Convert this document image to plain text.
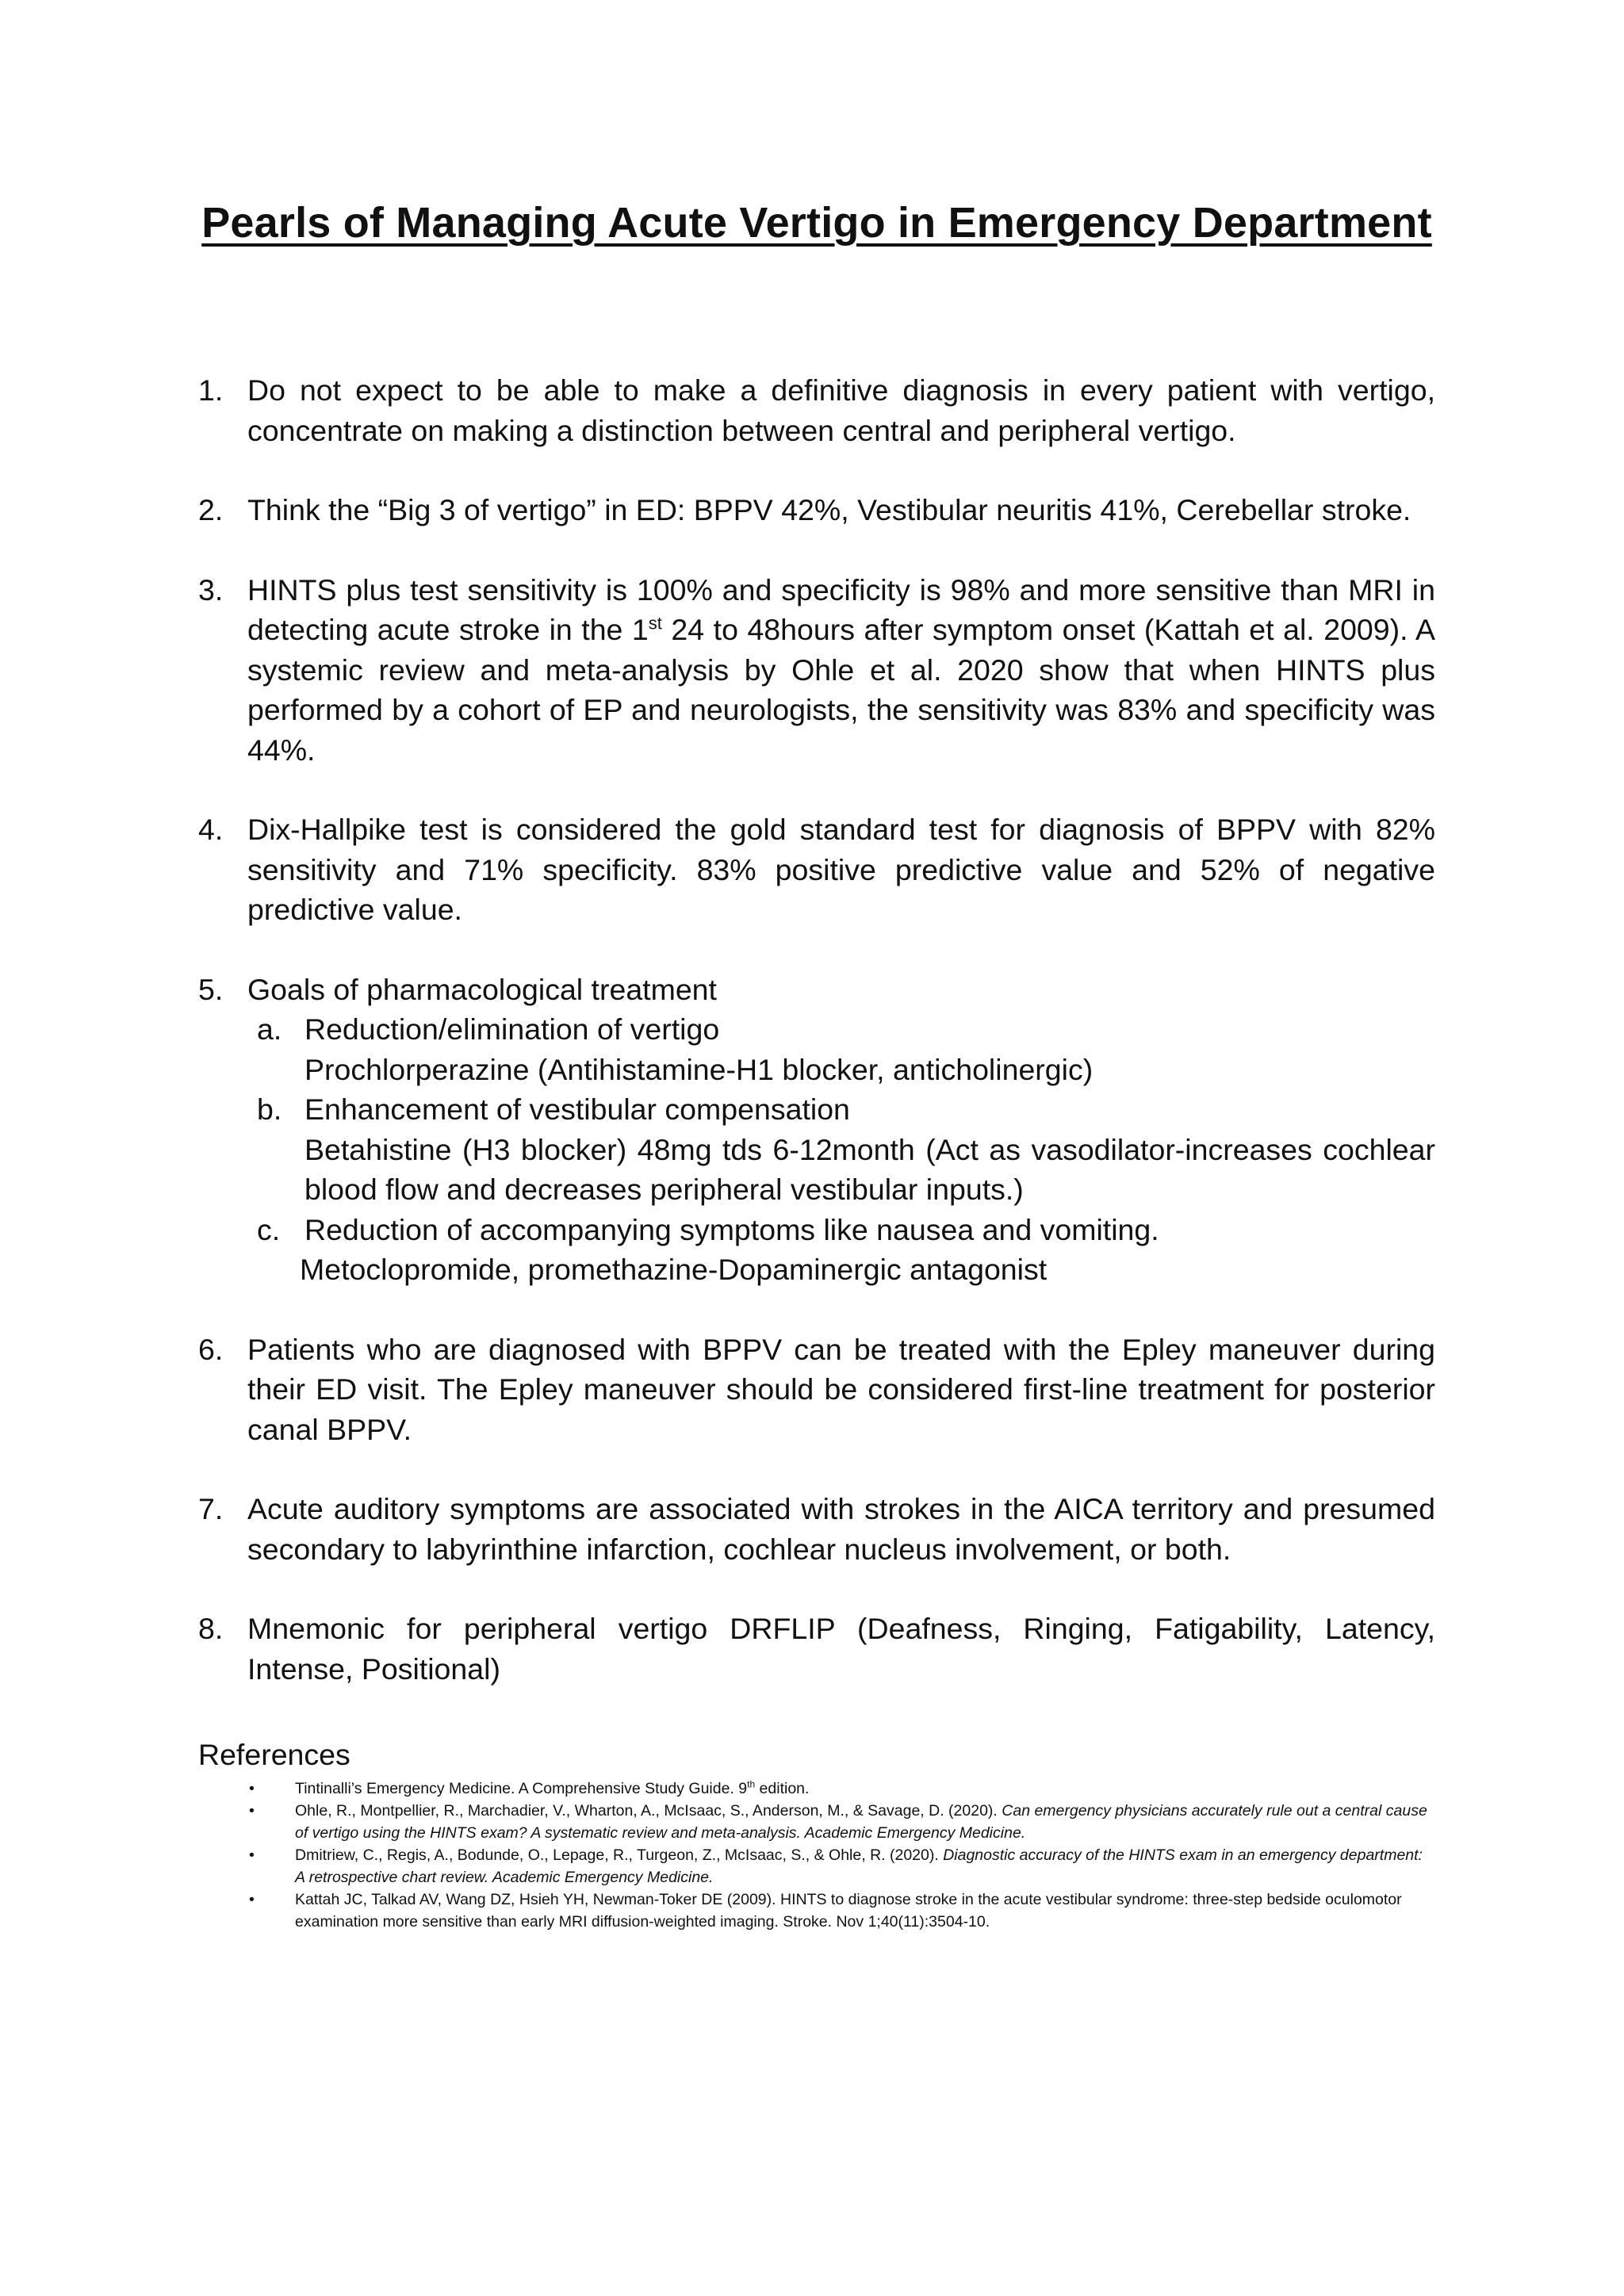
Pearls of Managing Acute Vertigo in Emergency Department
1. Do not expect to be able to make a definitive diagnosis in every patient with vertigo, concentrate on making a distinction between central and peripheral vertigo.
2. Think the “Big 3 of vertigo” in ED: BPPV 42%, Vestibular neuritis 41%, Cerebellar stroke.
3. HINTS plus test sensitivity is 100% and specificity is 98% and more sensitive than MRI in detecting acute stroke in the 1st 24 to 48hours after symptom onset (Kattah et al. 2009). A systemic review and meta-analysis by Ohle et al. 2020 show that when HINTS plus performed by a cohort of EP and neurologists, the sensitivity was 83% and specificity was 44%.
4. Dix-Hallpike test is considered the gold standard test for diagnosis of BPPV with 82% sensitivity and 71% specificity. 83% positive predictive value and 52% of negative predictive value.
5. Goals of pharmacological treatment
a. Reduction/elimination of vertigo
Prochlorperazine (Antihistamine-H1 blocker, anticholinergic)
b. Enhancement of vestibular compensation
Betahistine (H3 blocker) 48mg tds 6-12month (Act as vasodilator-increases cochlear blood flow and decreases peripheral vestibular inputs.)
c. Reduction of accompanying symptoms like nausea and vomiting.
Metoclopromide, promethazine-Dopaminergic antagonist
6. Patients who are diagnosed with BPPV can be treated with the Epley maneuver during their ED visit. The Epley maneuver should be considered first-line treatment for posterior canal BPPV.
7. Acute auditory symptoms are associated with strokes in the AICA territory and presumed secondary to labyrinthine infarction, cochlear nucleus involvement, or both.
8. Mnemonic for peripheral vertigo DRFLIP (Deafness, Ringing, Fatigability, Latency, Intense, Positional)
References
•	Tintinalli’s Emergency Medicine. A Comprehensive Study Guide. 9th edition.
•	Ohle, R., Montpellier, R., Marchadier, V., Wharton, A., McIsaac, S., Anderson, M., & Savage, D. (2020). Can emergency physicians accurately rule out a central cause of vertigo using the HINTS exam? A systematic review and meta-analysis. Academic Emergency Medicine.
•	Dmitriew, C., Regis, A., Bodunde, O., Lepage, R., Turgeon, Z., McIsaac, S., & Ohle, R. (2020). Diagnostic accuracy of the HINTS exam in an emergency department: A retrospective chart review. Academic Emergency Medicine.
•	Kattah JC, Talkad AV, Wang DZ, Hsieh YH, Newman-Toker DE (2009). HINTS to diagnose stroke in the acute vestibular syndrome: three-step bedside oculomotor examination more sensitive than early MRI diffusion-weighted imaging. Stroke. Nov 1;40(11):3504-10.
